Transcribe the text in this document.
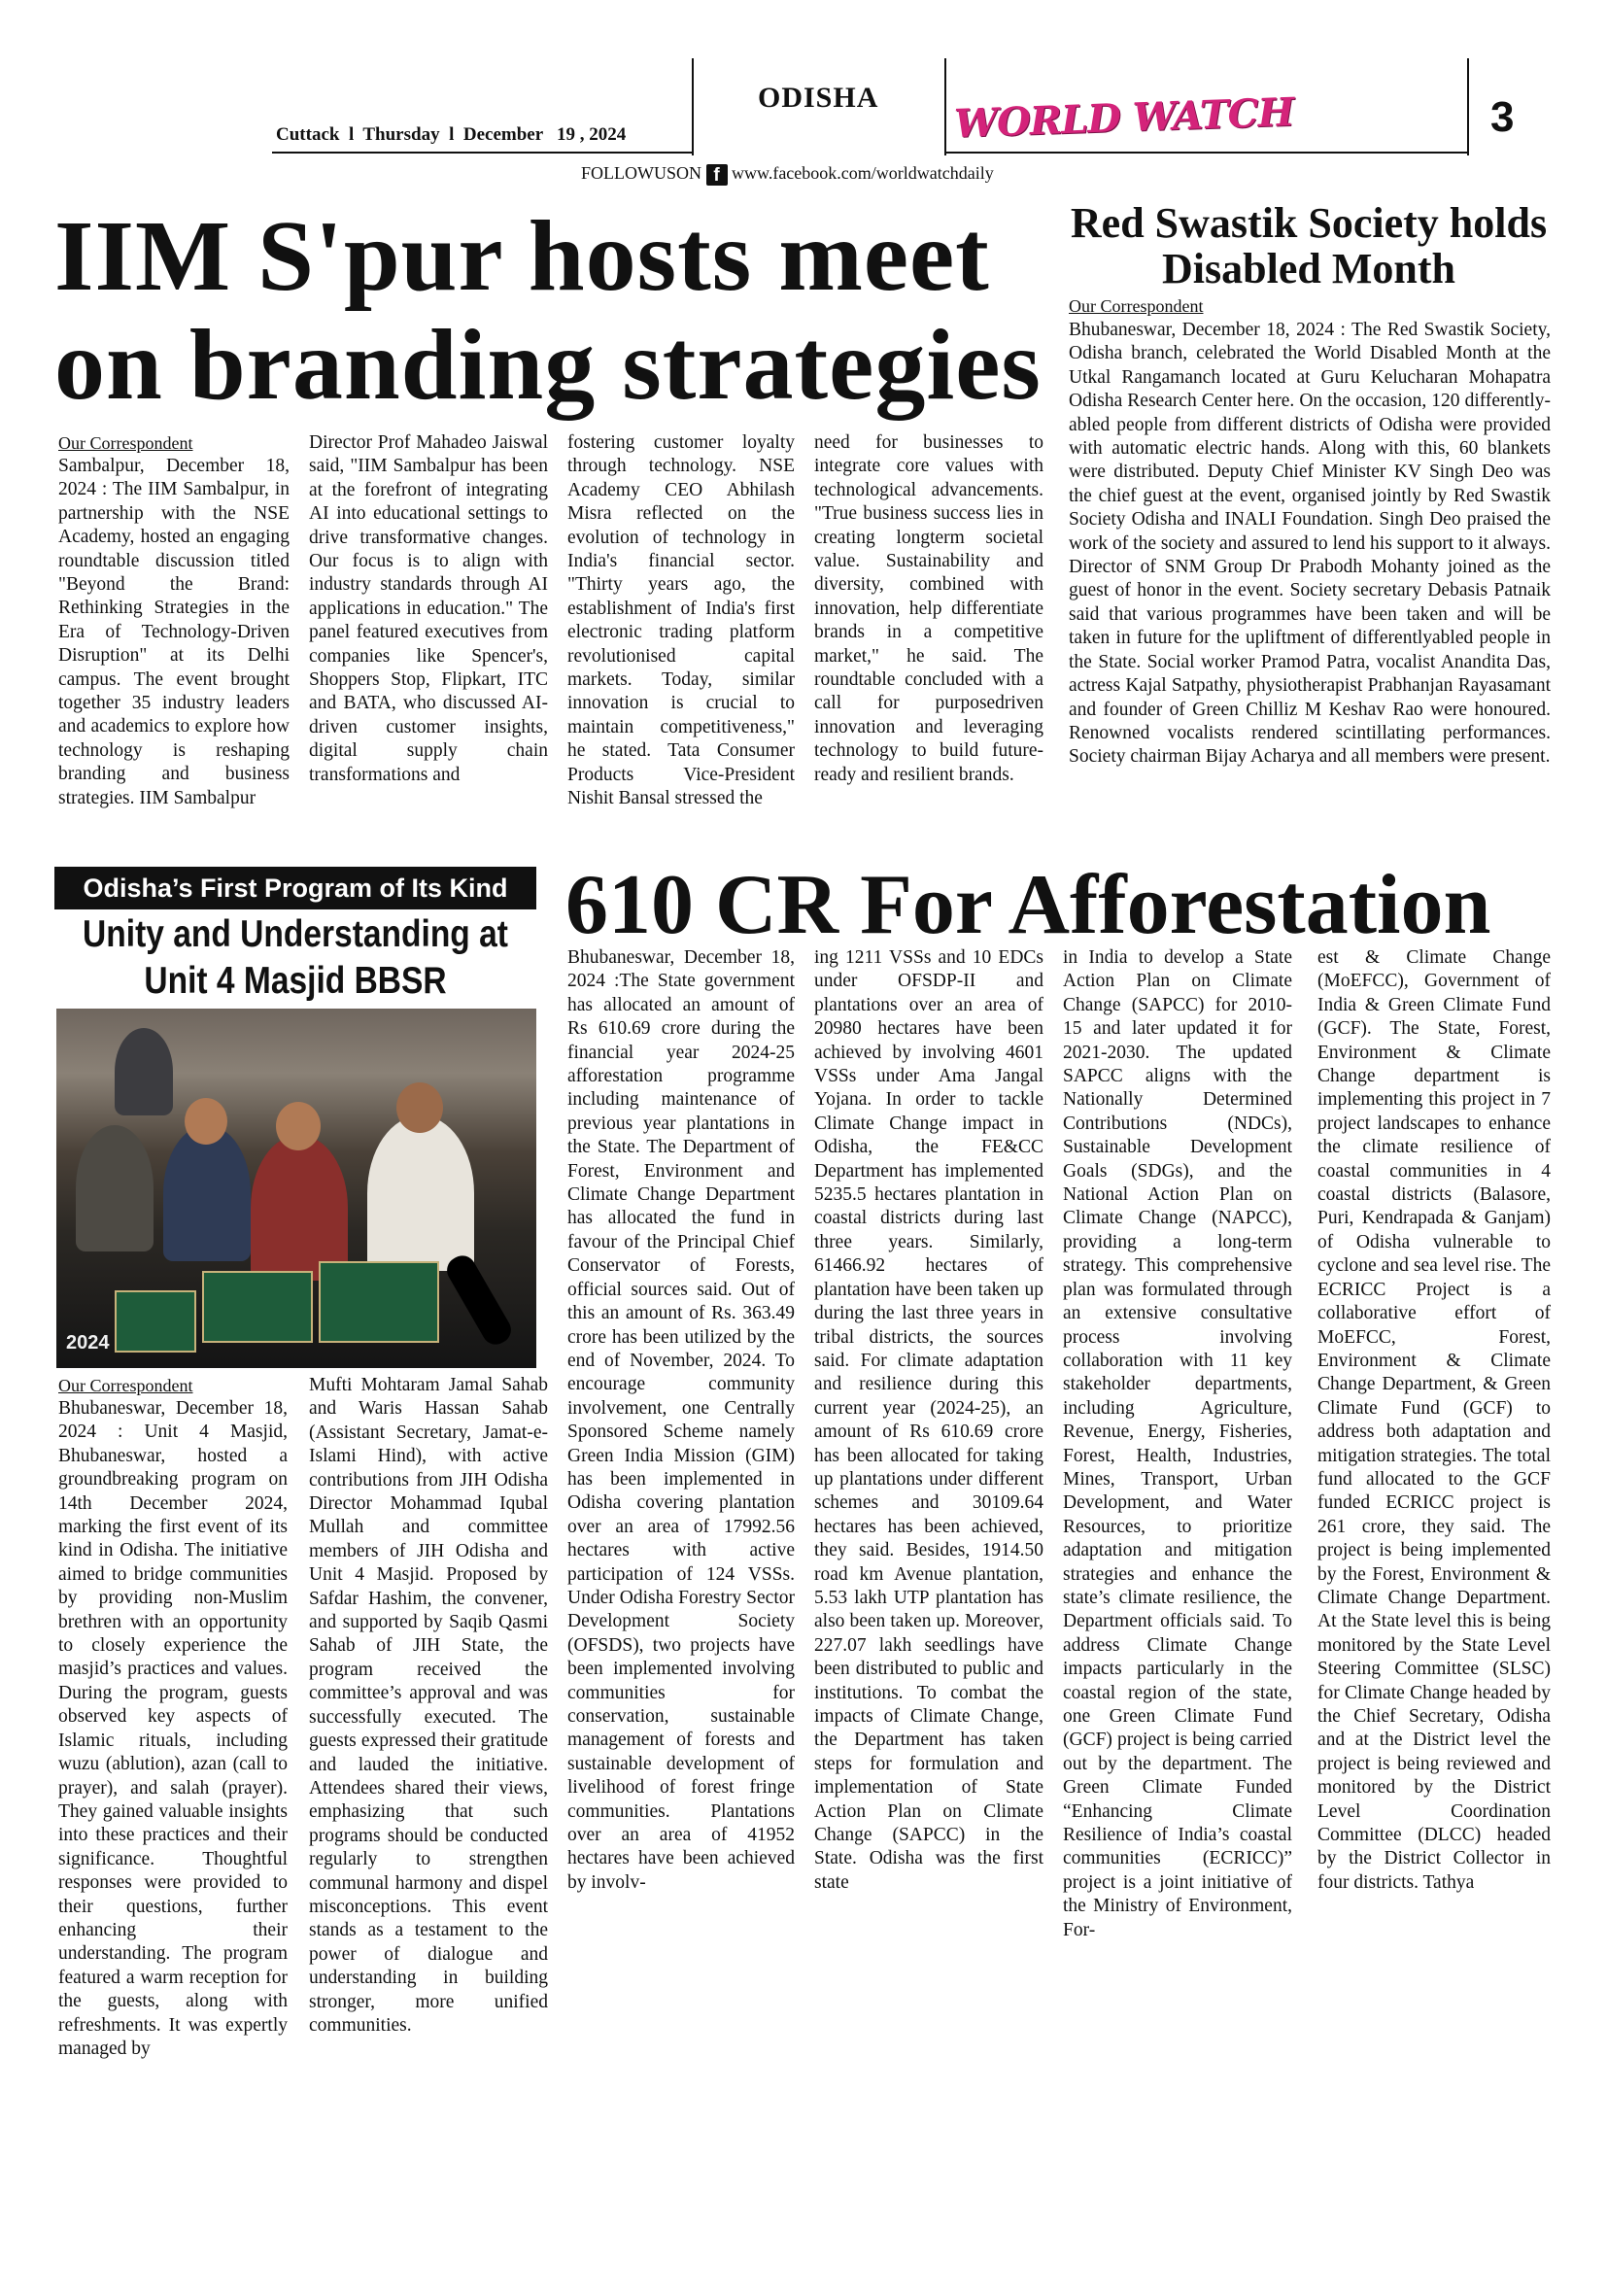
Cuttack  l  Thursday  l  December   19 , 2024
ODISHA WORLD WATCH	3
FOLLOWUSON f www.facebook.com/worldwatchdaily
IIM S'pur hosts meet on branding strategies
Our Correspondent
Sambalpur, December 18, 2024 : The IIM Sambalpur, in partnership with the NSE Academy, hosted an engaging roundtable discussion titled "Beyond the Brand: Rethinking Strategies in the Era of Technology-Driven Disruption" at its Delhi campus. The event brought together 35 industry leaders and academics to explore how technology is reshaping branding and business strategies. IIM Sambalpur
Director Prof Mahadeo Jaiswal said, "IIM Sambalpur has been at the forefront of integrating AI into educational settings to drive transformative changes. Our focus is to align with industry standards through AI applications in education." The panel featured executives from companies like Spencer's, Shoppers Stop, Flipkart, ITC and BATA, who discussed AI-driven customer insights, digital supply chain transformations and
fostering customer loyalty through technology. NSE Academy CEO Abhilash Misra reflected on the evolution of technology in India's financial sector. "Thirty years ago, the establishment of India's first electronic trading platform revolutionised capital markets. Today, similar innovation is crucial to maintain competitiveness," he stated. Tata Consumer Products Vice-President Nishit Bansal stressed the
need for businesses to integrate core values with technological advancements. "True business success lies in creating longterm societal value. Sustainability and diversity, combined with innovation, help differentiate brands in a competitive market," he said. The roundtable concluded with a call for purposedriven innovation and leveraging technology to build future-ready and resilient brands.
Red Swastik Society holds Disabled Month
Our Correspondent
Bhubaneswar, December 18, 2024 : The Red Swastik Society, Odisha branch, celebrated the World Disabled Month at the Utkal Rangamanch located at Guru Kelucharan Mohapatra Odisha Research Center here. On the occasion, 120 differently-abled people from different districts of Odisha were provided with automatic electric hands. Along with this, 60 blankets were distributed. Deputy Chief Minister KV Singh Deo was the chief guest at the event, organised jointly by Red Swastik Society Odisha and INALI Foundation. Singh Deo praised the work of the society and assured to lend his support to it always. Director of SNM Group Dr Prabodh Mohanty joined as the guest of honor in the event. Society secretary Debasis Patnaik said that various programmes have been taken and will be taken in future for the upliftment of differentlyabled people in the State. Social worker Pramod Patra, vocalist Anandita Das, actress Kajal Satpathy, physiotherapist Prabhanjan Rayasamant and founder of Green Chilliz M Keshav Rao were honoured. Renowned vocalists rendered scintillating performances. Society chairman Bijay Acharya and all members were present.
Odisha’s First Program of Its Kind
Unity and Understanding at Unit 4 Masjid BBSR
2024
Our Correspondent
Bhubaneswar, December 18, 2024 : Unit 4 Masjid, Bhubaneswar, hosted a groundbreaking program on 14th December 2024, marking the first event of its kind in Odisha. The initiative aimed to bridge communities by providing non-Muslim brethren with an opportunity to closely experience the masjid’s practices and values. During the program, guests observed key aspects of Islamic rituals, including wuzu (ablution), azan (call to prayer), and salah (prayer). They gained valuable insights into these practices and their significance. Thoughtful responses were provided to their questions, further enhancing their understanding. The program featured a warm reception for the guests, along with refreshments. It was expertly managed by
Mufti Mohtaram Jamal Sahab and Waris Hassan Sahab (Assistant Secretary, Jamat-e-Islami Hind), with active contributions from JIH Odisha Director Mohammad Iqubal Mullah and committee members of JIH Odisha and Unit 4 Masjid. Proposed by Safdar Hashim, the convener, and supported by Saqib Qasmi Sahab of JIH State, the program received the committee’s approval and was successfully executed. The guests expressed their gratitude and lauded the initiative. Attendees shared their views, emphasizing that such programs should be conducted regularly to strengthen communal harmony and dispel misconceptions. This event stands as a testament to the power of dialogue and understanding in building stronger, more unified communities.
610 CR For Afforestation
Bhubaneswar, December 18, 2024 :The State government has allocated an amount of Rs 610.69 crore during the financial year 2024-25 afforestation programme including maintenance of previous year plantations in the State. The Department of Forest, Environment and Climate Change Department has allocated the fund in favour of the Principal Chief Conservator of Forests, official sources said. Out of this an amount of Rs. 363.49 crore has been utilized by the end of November, 2024. To encourage community involvement, one Centrally Sponsored Scheme namely Green India Mission (GIM) has been implemented in Odisha covering plantation over an area of 17992.56 hectares with active participation of 124 VSSs. Under Odisha Forestry Sector Development Society (OFSDS), two projects have been implemented involving communities for conservation, sustainable management of forests and sustainable development of livelihood of forest fringe communities. Plantations over an area of 41952 hectares have been achieved by involv-
ing 1211 VSSs and 10 EDCs under OFSDP-II and plantations over an area of 20980 hectares have been achieved by involving 4601 VSSs under Ama Jangal Yojana. In order to tackle Climate Change impact in Odisha, the FE&CC Department has implemented 5235.5 hectares plantation in coastal districts during last three years. Similarly, 61466.92 hectares of plantation have been taken up during the last three years in tribal districts, the sources said. For climate adaptation and resilience during this current year (2024-25), an amount of Rs 610.69 crore has been allocated for taking up plantations under different schemes and 30109.64 hectares has been achieved, they said. Besides, 1914.50 road km Avenue plantation, 5.53 lakh UTP plantation has also been taken up. Moreover, 227.07 lakh seedlings have been distributed to public and institutions. To combat the impacts of Climate Change, the Department has taken steps for formulation and implementation of State Action Plan on Climate Change (SAPCC) in the State. Odisha was the first state
in India to develop a State Action Plan on Climate Change (SAPCC) for 2010-15 and later updated it for 2021-2030. The updated SAPCC aligns with the Nationally Determined Contributions (NDCs), Sustainable Development Goals (SDGs), and the National Action Plan on Climate Change (NAPCC), providing a long-term strategy. This comprehensive plan was formulated through an extensive consultative process involving collaboration with 11 key stakeholder departments, including Agriculture, Revenue, Energy, Fisheries, Forest, Health, Industries, Mines, Transport, Urban Development, and Water Resources, to prioritize adaptation and mitigation strategies and enhance the state’s climate resilience, the Department officials said. To address Climate Change impacts particularly in the coastal region of the state, one Green Climate Fund (GCF) project is being carried out by the department. The Green Climate Funded “Enhancing Climate Resilience of India’s coastal communities (ECRICC)” project is a joint initiative of the Ministry of Environment, For-
est & Climate Change (MoEFCC), Government of India & Green Climate Fund (GCF). The State, Forest, Environment & Climate Change department is implementing this project in 7 project landscapes to enhance the climate resilience of coastal communities in 4 coastal districts (Balasore, Puri, Kendrapada & Ganjam) of Odisha vulnerable to cyclone and sea level rise. The ECRICC Project is a collaborative effort of MoEFCC, Forest, Environment & Climate Change Department, & Green Climate Fund (GCF) to address both adaptation and mitigation strategies. The total fund allocated to the GCF funded ECRICC project is 261 crore, they said. The project is being implemented by the Forest, Environment & Climate Change Department. At the State level this is being monitored by the State Level Steering Committee (SLSC) for Climate Change headed by the Chief Secretary, Odisha and at the District level the project is being reviewed and monitored by the District Level Coordination Committee (DLCC) headed by the District Collector in four districts. Tathya
